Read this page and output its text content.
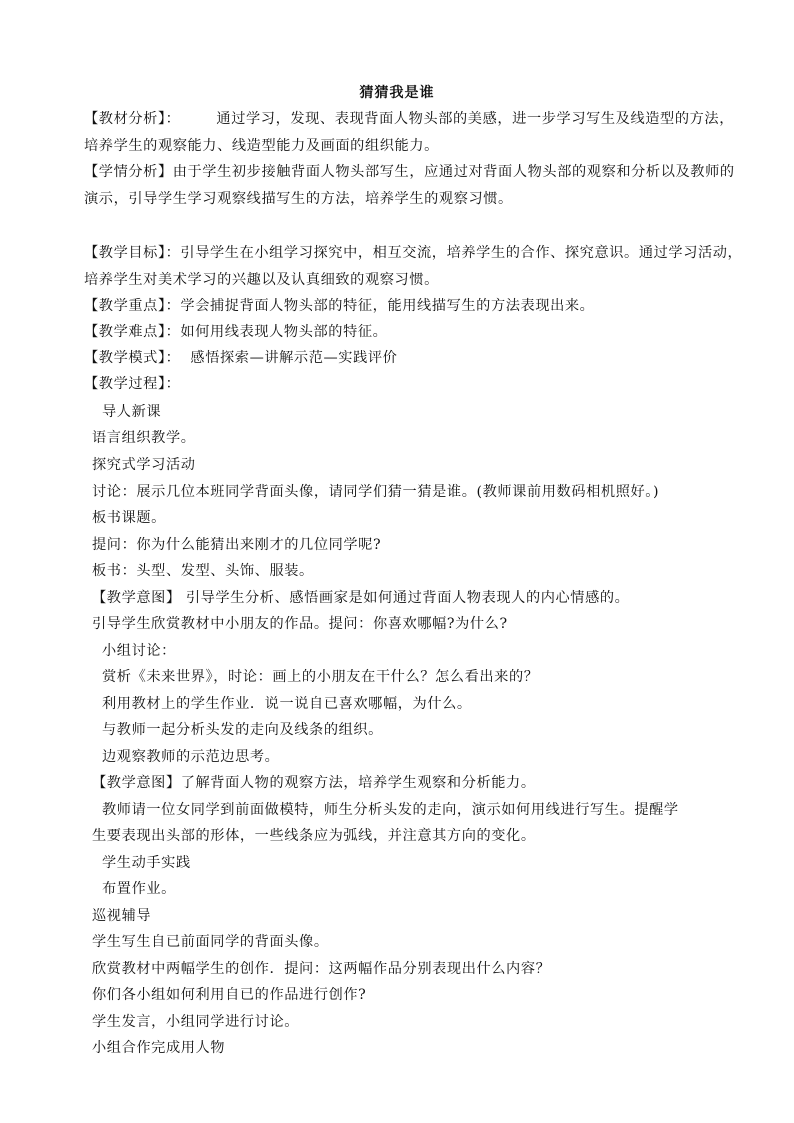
猜猜我是谁
【教材分析】：	通过学习，发现、表现背面人物头部的美感，进一步学习写生及线造型的方法，培养学生的观察能力、线造型能力及画面的组织能力。
【学情分析】由于学生初步接触背面人物头部写生，应通过对背面人物头部的观察和分析以及教师的演示，引导学生学习观察线描写生的方法，培养学生的观察习惯。
【教学目标】：引导学生在小组学习探究中，相互交流，培养学生的合作、探究意识。通过学习活动，培养学生对美术学习的兴趣以及认真细致的观察习惯。
【教学重点】：学会捕捉背面人物头部的特征，能用线描写生的方法表现出来。
【教学难点】：如何用线表现人物头部的特征。
【教学模式】： 感悟探索—讲解示范—实践评价
【教学过程】：
导人新课
语言组织教学。
探究式学习活动
讨论：展示几位本班同学背面头像，请同学们猜一猜是谁。(教师课前用数码相机照好。)
板书课题。
提问：你为什么能猜出来刚才的几位同学呢?
板书：头型、发型、头饰、服装。
【教学意图】 引导学生分析、感悟画家是如何通过背面人物表现人的内心情感的。
引导学生欣赏教材中小朋友的作品。提问：你喜欢哪幅?为什么?
小组讨论：
赏析《未来世界》，时论：画上的小朋友在干什么？怎么看出来的？
利用教材上的学生作业．说一说自已喜欢哪幅，为什么。
与教师一起分析头发的走向及线条的组织。
边观察教师的示范边思考。
【教学意图】了解背面人物的观察方法，培养学生观察和分析能力。
教师请一位女同学到前面做模特，师生分析头发的走向，演示如何用线进行写生。提醒学
生要表现出头部的形体，一些线条应为弧线，并注意其方向的变化。
学生动手实践
布置作业。
巡视辅导
学生写生自已前面同学的背面头像。
欣赏教材中两幅学生的创作．提问：这两幅作品分别表现出什么内容？
你们各小组如何利用自已的作品进行创作?
学生发言，小组同学进行讨论。
小组合作完成用人物
